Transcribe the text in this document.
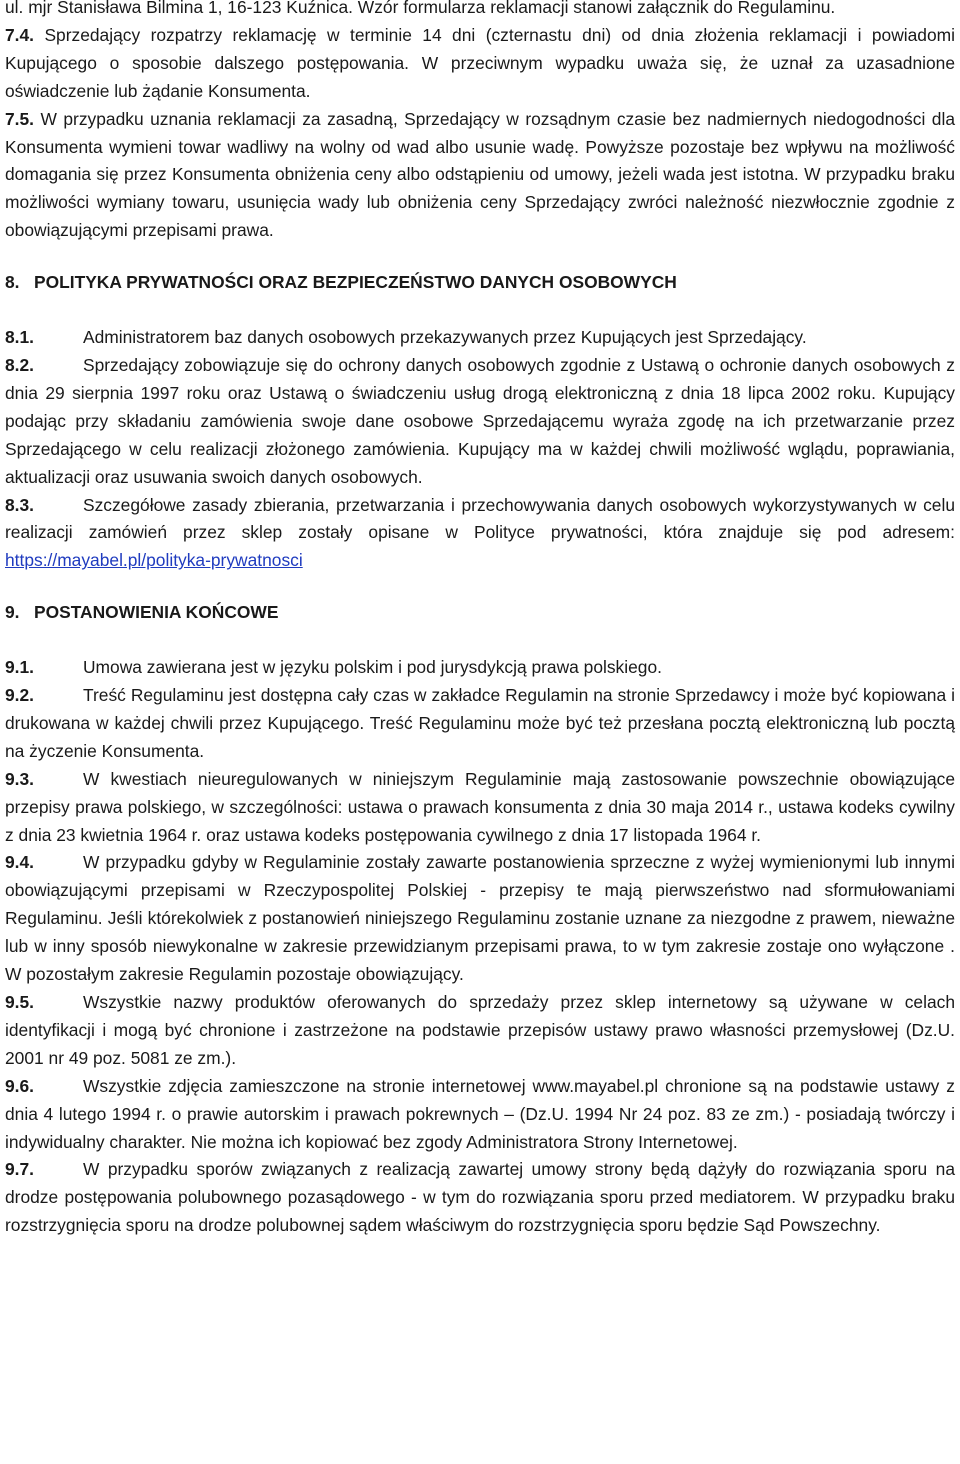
ul. mjr Stanisława Bilmina 1, 16-123 Kuźnica. Wzór formularza reklamacji stanowi załącznik do Regulaminu.

7.4. Sprzedający rozpatrzy reklamację w terminie 14 dni (czternastu dni) od dnia złożenia reklamacji i powiadomi Kupującego o sposobie dalszego postępowania. W przeciwnym wypadku uważa się, że uznał za uzasadnione oświadczenie lub żądanie Konsumenta.

7.5. W przypadku uznania reklamacji za zasadną, Sprzedający w rozsądnym czasie bez nadmiernych niedogodności dla Konsumenta wymieni towar wadliwy na wolny od wad albo usunie wadę. Powyższe pozostaje bez wpływu na możliwość domagania się przez Konsumenta obniżenia ceny albo odstąpieniu od umowy, jeżeli wada jest istotna. W przypadku braku możliwości wymiany towaru, usunięcia wady lub obniżenia ceny Sprzedający zwróci należność niezwłocznie zgodnie z obowiązującymi przepisami prawa.

8.   POLITYKA PRYWATNOŚCI ORAZ BEZPIECZEŃSTWO DANYCH OSOBOWYCH

8.1.	Administratorem baz danych osobowych przekazywanych przez Kupujących jest Sprzedający.

8.2.	Sprzedający zobowiązuje się do ochrony danych osobowych zgodnie z Ustawą o ochronie danych osobowych z dnia 29 sierpnia 1997 roku oraz Ustawą o świadczeniu usług drogą elektroniczną z dnia 18 lipca 2002 roku. Kupujący podając przy składaniu zamówienia swoje dane osobowe Sprzedającemu wyraża zgodę na ich przetwarzanie przez Sprzedającego w celu realizacji złożonego zamówienia. Kupujący ma w każdej chwili możliwość wglądu, poprawiania, aktualizacji oraz usuwania swoich danych osobowych.

8.3.	Szczegółowe zasady zbierania, przetwarzania i przechowywania danych osobowych wykorzystywanych w celu realizacji zamówień przez sklep zostały opisane w Polityce prywatności, która znajduje się pod adresem: https://mayabel.pl/polityka-prywatnosci

9.   POSTANOWIENIA KOŃCOWE

9.1.	Umowa zawierana jest w języku polskim i pod jurysdykcją prawa polskiego.

9.2.	Treść Regulaminu jest dostępna cały czas w zakładce Regulamin na stronie Sprzedawcy i może być kopiowana i drukowana w każdej chwili przez Kupującego. Treść Regulaminu może być też przesłana pocztą elektroniczną lub pocztą na życzenie Konsumenta.

9.3.	W kwestiach nieuregulowanych w niniejszym Regulaminie mają zastosowanie powszechnie obowiązujące przepisy prawa polskiego, w szczególności: ustawa o prawach konsumenta z dnia 30 maja 2014 r., ustawa kodeks cywilny z dnia 23 kwietnia 1964 r. oraz ustawa kodeks postępowania cywilnego z dnia 17 listopada 1964 r.

9.4.	W przypadku gdyby w Regulaminie zostały zawarte postanowienia sprzeczne z wyżej wymienionymi lub innymi obowiązującymi przepisami w Rzeczypospolitej Polskiej - przepisy te mają pierwszeństwo nad sformułowaniami Regulaminu. Jeśli którekolwiek z postanowień niniejszego Regulaminu zostanie uznane za niezgodne z prawem, nieważne lub w inny sposób niewykonalne w zakresie przewidzianym przepisami prawa, to w tym zakresie zostaje ono wyłączone . W pozostałym zakresie Regulamin pozostaje obowiązujący.

9.5.	Wszystkie nazwy produktów oferowanych do sprzedaży przez sklep internetowy są używane w celach identyfikacji i mogą być chronione i zastrzeżone na podstawie przepisów ustawy prawo własności przemysłowej (Dz.U. 2001 nr 49 poz. 5081 ze zm.).

9.6.	Wszystkie zdjęcia zamieszczone na stronie internetowej www.mayabel.pl chronione są na podstawie ustawy z dnia 4 lutego 1994 r. o prawie autorskim i prawach pokrewnych – (Dz.U. 1994 Nr 24 poz. 83 ze zm.) - posiadają twórczy i indywidualny charakter. Nie można ich kopiować bez zgody Administratora Strony Internetowej.

9.7.	W przypadku sporów związanych z realizacją zawartej umowy strony będą dążyły do rozwiązania sporu na drodze postępowania polubownego pozasądowego - w tym do rozwiązania sporu przed mediatorem. W przypadku braku rozstrzygnięcia sporu na drodze polubownej sądem właściwym do rozstrzygnięcia sporu będzie Sąd Powszechny.
